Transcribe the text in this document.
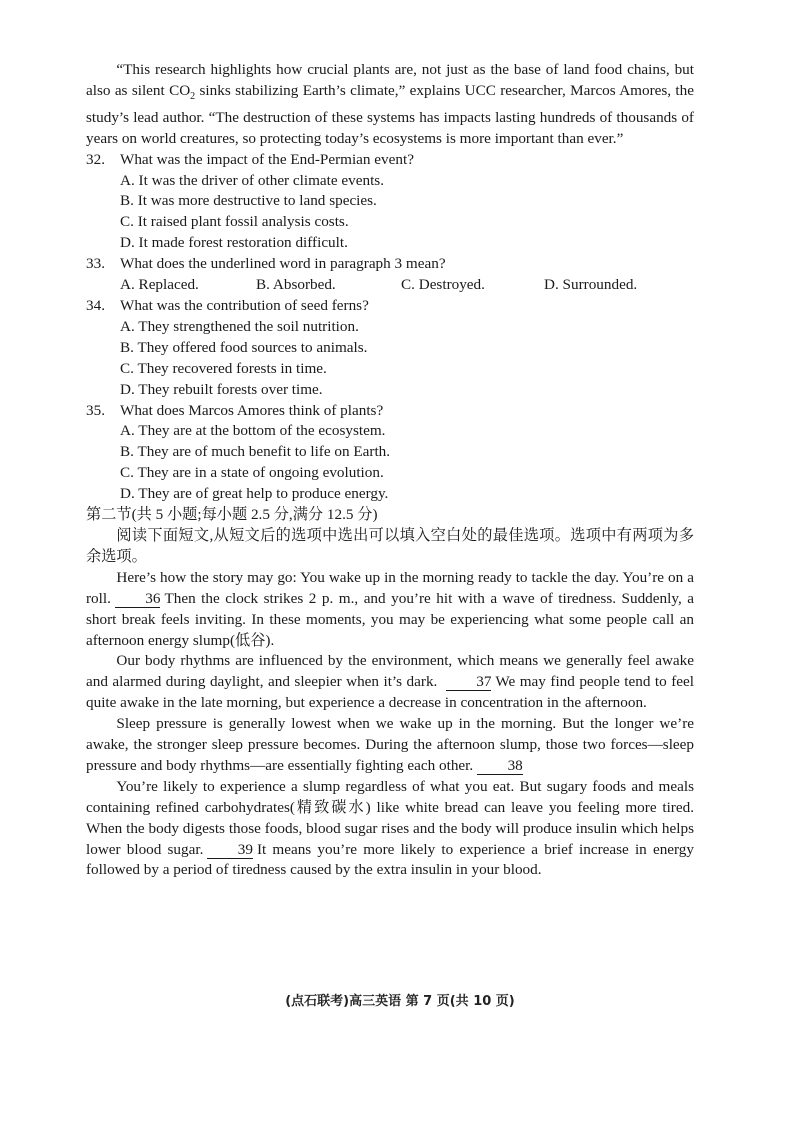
“This research highlights how crucial plants are, not just as the base of land food chains, but also as silent $CO_2$ sinks stabilizing Earth’s climate,” explains UCC researcher, Marcos Amores, the study’s lead author. “The destruction of these systems has impacts lasting hundreds of thousands of years on world creatures, so protecting today’s ecosystems is more important than ever.”

32. What was the impact of the End-Permian event?

A. It was the driver of other climate events.

B. It was more destructive to land species.

C. It raised plant fossil analysis costs.

D. It made forest restoration difficult.

33. What does the underlined word in paragraph 3 mean?

A. Replaced.	B. Absorbed.	C. Destroyed.	D. Surrounded.

34. What was the contribution of seed ferns?

A. They strengthened the soil nutrition.

B. They offered food sources to animals.

C. They recovered forests in time.

D. They rebuilt forests over time.

35. What does Marcos Amores think of plants?

A. They are at the bottom of the ecosystem.

B. They are of much benefit to life on Earth.

C. They are in a state of ongoing evolution.

D. They are of great help to produce energy.

第二节(共 5 小题;每小题 2.5 分,满分 12.5 分)

阅读下面短文,从短文后的选项中选出可以填入空白处的最佳选项。选项中有两项为多余选项。

Here’s how the story may go: You wake up in the morning ready to tackle the day. You’re on a roll. 36 Then the clock strikes 2 p. m., and you’re hit with a wave of tiredness. Suddenly, a short break feels inviting. In these moments, you may be experiencing what some people call an afternoon energy slump(低谷).

Our body rhythms are influenced by the environment, which means we generally feel awake and alarmed during daylight, and sleepier when it’s dark.	37 We may find people tend to feel quite awake in the late morning, but experience a decrease in concentration in the afternoon.

Sleep pressure is generally lowest when we wake up in the morning. But the longer we’re awake, the stronger sleep pressure becomes. During the afternoon slump, those two forces—sleep pressure and body rhythms—are essentially fighting each other. 38

You’re likely to experience a slump regardless of what you eat. But sugary foods and meals containing refined carbohydrates(精致碳水) like white bread can leave you feeling more tired. When the body digests those foods, blood sugar rises and the body will produce insulin which helps lower blood sugar. 39 It means you’re more likely to experience a brief increase in energy followed by a period of tiredness caused by the extra insulin in your blood.

(点石联考)高三英语 第 7 页(共 10 页)
